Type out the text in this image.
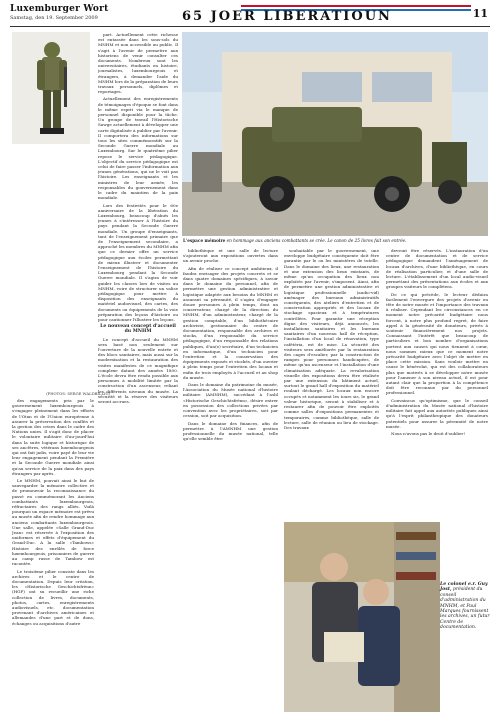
Luxemburger Wort
Samstag, den 19. September 2009	65 JOER LIBERATIOUN	11
(PHOTOS: SERGE WALDBILLIG)
L'espace mémoire en hommage aux anciens combattants se crée. Le canon de 25 livres fait son entrée.
Le colonel e.r. Guy Jost, président du conseil d'administration du MNHM, et Paul Marques fournissent les archives, un futur Centre de documentation.

des engagements pris par le gouvernement luxembourgeois à s'engager pleinement dans les efforts de l'Otan et de l'Union européenne à assurer la préservation des conflits et la gestion des crises dans le cadre des Nations unies. Il s'agit donc de placer le volontaire militaire d'au-jourd'hui dans la suite logique et historique de ses ancêtres, vétérans luxembourgeois qui ont fait jadis, voire payé de leur vie leur engagement pendant la Première et la Seconde Guerre mondiale ainsi qu'au service de la paix dans des pays étrangers par après.

Le MNHM, pouvait ainsi le but de sauvegarder la mémoire collective et de promouvoir la reconnaissance du passé en commémorant les Anciens combattants luxembourgeois, réfractaires des rangs alliés. Voilà pourquoi un espace mémoire est prévu au musée afin de rendre hommage aux anciens combattants luxembourgeois. Une salle, appelée «Salle Grand-Duc Jean» est réservée à l'exposition des uniformes et effets d'équipement du Grand-Duc. A la salle «Tambows» Histoire des enrôlés de force luxembourgeois, prisonniers de guerre au camp russe de Tambow est racontée.

Le troisième pilier consiste dans les archives et le centre de documentation. Depuis leur création, les «Historische Geschichtsfrënn» (HGF) ont su recueillir une riche collection de livres, documents, photos, cartes, enregistrements audiovisuels, etc. documentation provenant d'archives américaines et allemandes d'une part et de dons, échanges ou acquisitions d'autre

part. Actuellement cette richesse est entassée dans les sous-sols du MNHM et non accessible au public. Il s'agit à l'avenir de permettre aux historiens de venir consulter ces documents. Nombreux sont les universitaires, étudiants en histoire, journalistes, luxembourgeois et étrangers, à demander l'aide du MNHM lors de la préparation de leurs travaux personnels, diplômes et reportages.

Actuellement des enregistrements de témoignages d'époque se font dans le même esprit via le manque de personnel disponible pour la tâche. Un groupe de travail l'Historische Sawge actuellement à développer une carte digitalisée à publier par l'avenir. Il comportera des informations sur tous les sites commémoratifs sur la Seconde Guerre mondiale au Luxembourg. Sur le quatrième pilier repose le service pédagogique. L'objectif du service pédagogique est celui de faire passer l'information aux jeunes générations, qui ne le voit pas l'histoire. Les enseignants et les ministres de leur armée, les responsables du gouvernement dans le cadre du maintien de la paix mondiale.

Lors des festivités pour le 60e anniversaire de la libération du Luxembourg, beaucoup d'aînés les jeunes à s'intéresser à l'histoire du pays pendant la Seconde Guerre mondiale. Un groupe d'enseignants, tant de l'enseignement primaire que de l'enseignement secondaire, a approché les membres du MNHM afin que ce dernier offre un service pédagogique aux écoles permettant de mieux illustrer et documenter l'enseignement de l'histoire du Luxembourg pendant la Seconde Guerre mondiale. Il s'agira de voir guider les classes lors de visites au MNHM, voire de structurer un valise pédagogique pour mettre à disposition des enseignants du matériel audiovisuel, des cartes, des documents ou équipements de la voie préparation des leçons d'histoire ou pour cautionner l'illustrer les leçons.

Le nouveau concept d'accueil du MNHM

Le concept d'accueil du MNHM sera basé non seulement sur l'ouverture de la nouvelle entrée et des blocs sanitaires, mais aussi sur la modernisation et la restauration des visites manifestes de ce magnifique complexe datant des années 1800. L'école devra être rendu possible aux personnes à mobilité limitée par la construction d'un ascenseur, reliant les différents niveaux du musée. La sécurité et la réserve des visiteurs seront accrues.

bibliothèque et une salle de lecture s'ajouteront aux expositions ouvertes dans un avenir proche.

Afin de réaliser ce concept ambitieux, il faudra envisager des projets concrets et se dans quatre domaines spécifiques, à savoir dans le domaine du personnel, afin de permettre une gestion administrative et logistique adaptée aux besoins du MNHM et assurant sa pérennité, il s'agira d'engager douze personnes à plein temps, dont un conservateur, chargé de la direction du MNHM, d'un administrateur, chargé de la gestion comptable, d'un bibliothécaire archiviste, gestionnaire du centre de documentation, responsable des archives et stocks, d'un responsable du service pédagogique, d'un responsable des relations publiques, d'un(e) secrétaire, d'un technicien en informatique, d'un technicien pour l'entretien et la conservation des équipements exposés et stockés, d'un ouvrier à plein temps pour l'entretien des locaux et enfin de trois employés à l'accueil et au shop du musée.

Dans le domaine du patrimoine du musée, l'Association du Musée national d'histoire militaire (AMNHM), succédant à l'asbl «Historische Geschichtsfrënn», désire entrer en possession des collections privées par convention avec les propriétaires, soit par cession, soit par acquisition.

Dans le domaine des finances, afin de permettre à l'AMNHM une gestion professionnelle du musée national, telle qu'elle semble être

souhaitable par le gouvernement, une enveloppe budgétaire conséquente doit être garantie par le ou les ministères de tutelle. Dans le domaine des lieux, une restauration et une extension des lieux existants, de même qu'un occupation des lieux non exploités par l'avenir, s'imposent. Ainsi, afin de permettre une gestion administrative et logistique professionnelle (audio-vid) aménager des bureaux administratifs conséquents, des ateliers d'entretien et de conservation appropriés et des locaux de stockage spacieux et à températures contrôlées. Pour garantir une réception digne des visiteurs, déjà annoncés, les installations sanitaires et les bureaux sanitaires d'un nouveau hall de réception, l'installation d'un local de rénovation, type cafétéria, est de mise. La sécurité des visiteurs sera améliorée par la restauration des cages d'escalier, par la construction de rampes pour personnes handicapées, de même qu'un ascenseur et l'installation d'une climatisation adéquate. La revalorisation visuelle des expositions devra être réalisée par une extension du bâtiment actuel, surtout le grand hall d'exposition du matériel roulant déchargé. Les locaux non encore occupés et notamment les tours sis, le grand valeur historique, seront à stabiliser et à restaurer afin de pouvoir être exploités comme salles d'expositions permanentes et temporaires, comme bibliothèque, salle de lecture, salle de réunion ou lieu de stockage. Des travaux

devront être réservés. L'instauration d'un centre de documentation et de service pédagogique demandent l'aménagement de locaux d'archives, d'une bibliothèque, en cours de réalisation particulier, et d'une salle de lecture. L'établissement d'un local audio-visuel permettant des présentations aux écoles et aux groupes visiteurs le complètera.

De ce qui précède, le lecteur déduira facilement l'envergure des projets d'avenir en tête de notre musée et l'importance des travaux à réaliser. Cependant les circonstances en ce moment notre précarité budgétaire nous forcent, à notre plus profond regret, de faire appel à la générosité de donateurs, privés à soutenir financièrement nos projets. Connaissant l'intérêt que beaucoup de particuliers et bon nombre d'organisations portent aux causes qui nous tiennent à cœur, nous sommes mieux que ce moment notre précarité budgétaire avec l'objet de mettre en place cette mission. Sans vouloir mettre en cause le bénévolat, qui est des collaborateurs plus que motivés à se développer notre musée pour l'amener à son niveau actuel, il est pour autant clair que la proportion à la compétence doit être reconnue par du personnel professionnel.

Convaincus qu'optimisme, que le conseil d'administration du Musée national d'histoire militaire fait appel aux autorités publiques ainsi qu'à l'esprit philanthropique des donateurs potentiels pour assurer la pérennité de notre musée.

Nous n'avons pas le droit d'oublier!
